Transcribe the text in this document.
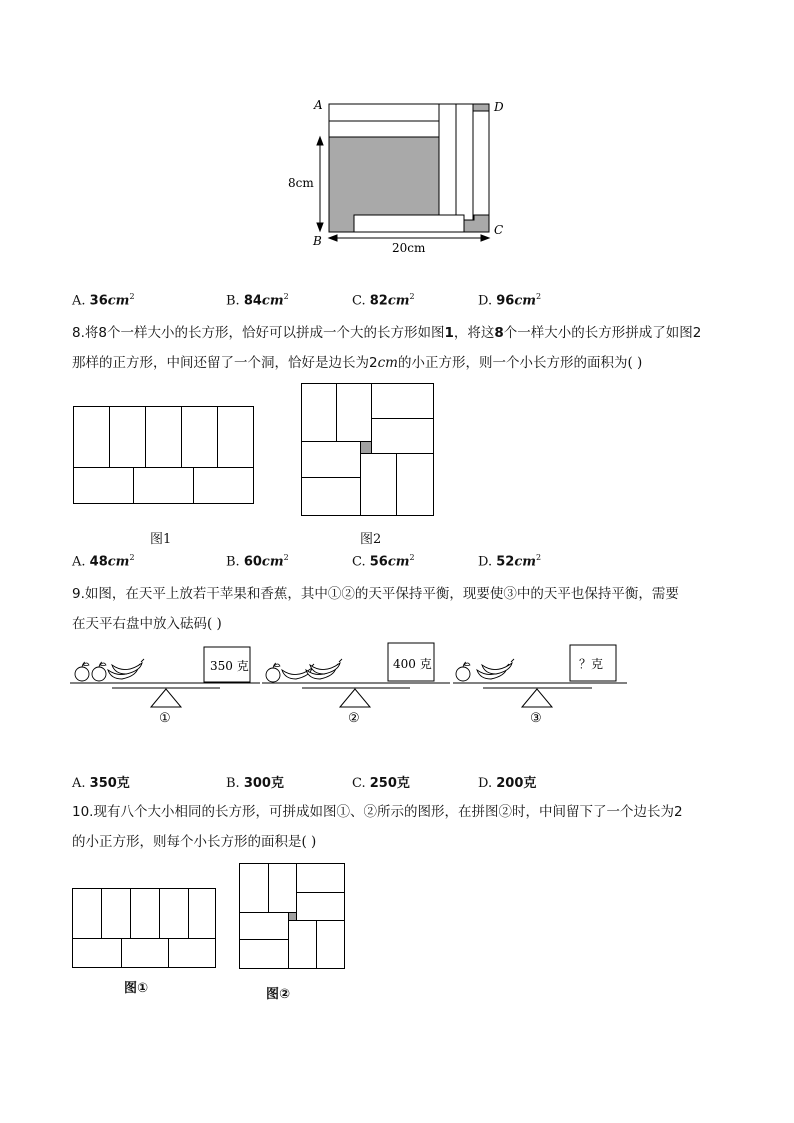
A	D
B
C
8cm
20cm
A. $36cm^2$	B. $84cm^2$	C. $82cm^2$	D. $96cm^2$
8.将8个一样大小的长方形，恰好可以拼成一个大的长方形如图1，将这8个一样大小的长方形拼成了如图2
那样的正方形，中间还留了一个洞，恰好是边长为2cm的小正方形，则一个小长方形的面积为( )
图1	图2
A. $48cm^2$	B. $60cm^2$	C. $56cm^2$	D. $52cm^2$
9.如图，在天平上放若干苹果和香蕉，其中①②的天平保持平衡，现要使③中的天平也保持平衡，需要
在天平右盘中放入砝码( )
350 克
①
400 克
②
？克
③
A. 350克	B. 300克	C. 250克	D. 200克
10.现有八个大小相同的长方形，可拼成如图①、②所示的图形，在拼图②时，中间留下了一个边长为2
的小正方形，则每个小长方形的面积是( )
图①	图②
